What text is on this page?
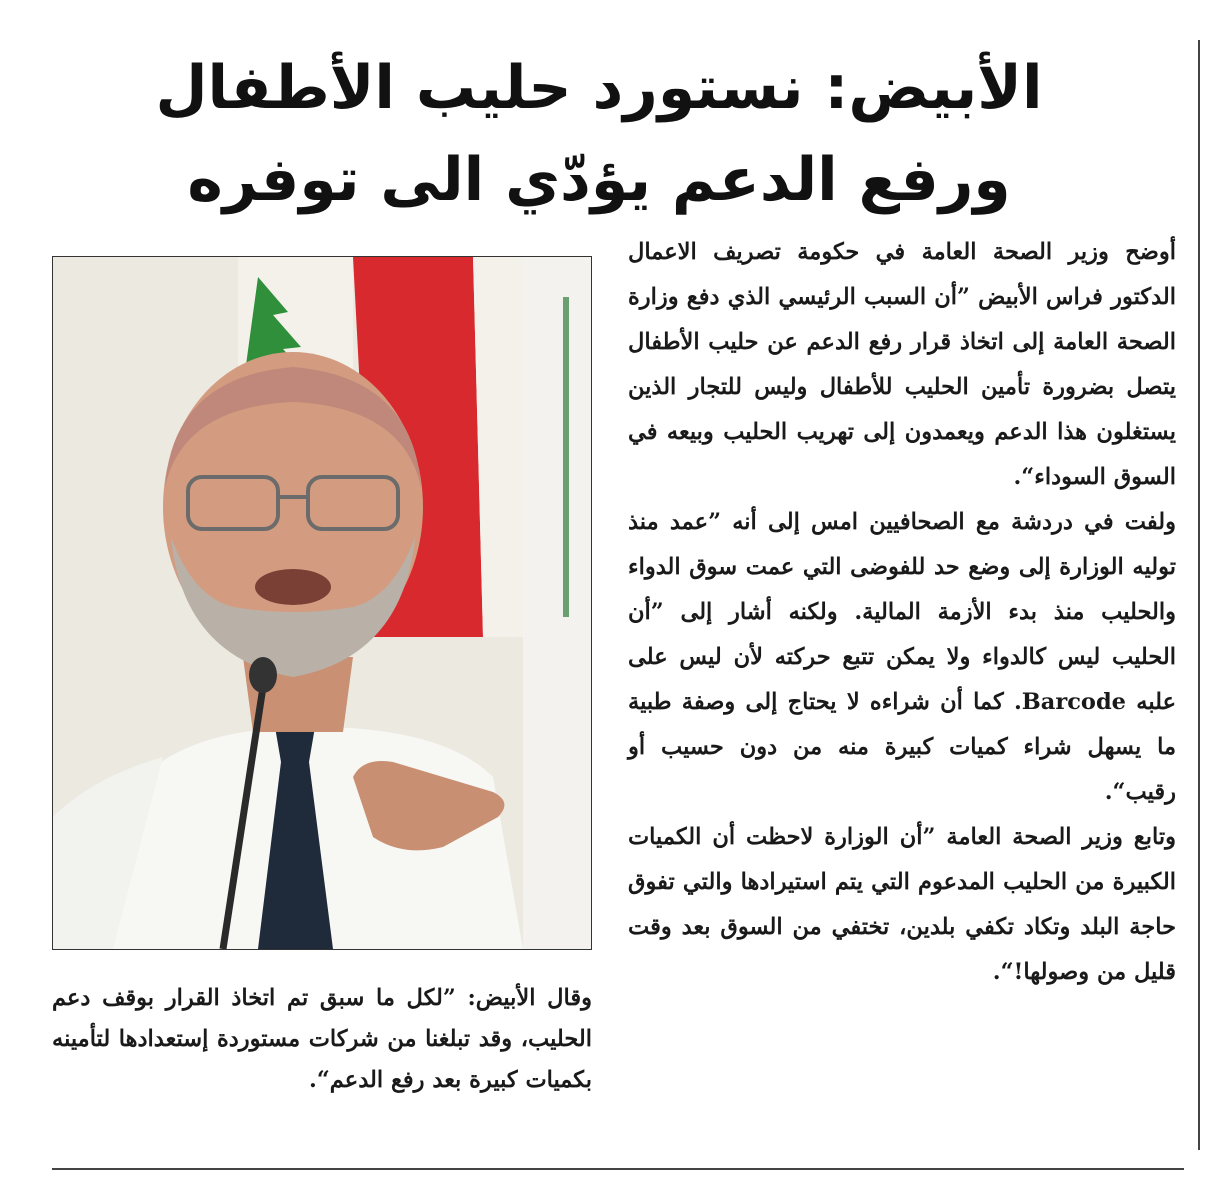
الأبيض: نستورد حليب الأطفال
ورفع الدعم يؤدّي الى توفره

أوضح وزير الصحة العامة في حكومة تصريف الاعمال الدكتور فراس الأبيض ”أن السبب الرئيسي الذي دفع وزارة الصحة العامة إلى اتخاذ قرار رفع الدعم عن حليب الأطفال يتصل بضرورة تأمين الحليب للأطفال وليس للتجار الذين يستغلون هذا الدعم ويعمدون إلى تهريب الحليب وبيعه في السوق السوداء“.

ولفت في دردشة مع الصحافيين امس إلى أنه ”عمد منذ توليه الوزارة إلى وضع حد للفوضى التي عمت سوق الدواء والحليب منذ بدء الأزمة المالية. ولكنه أشار إلى ”أن الحليب ليس كالدواء ولا يمكن تتبع حركته لأن ليس على علبه Barcode. كما أن شراءه لا يحتاج إلى وصفة طبية ما يسهل شراء كميات كبيرة منه من دون حسيب أو رقيب“.

وتابع وزير الصحة العامة ”أن الوزارة لاحظت أن الكميات الكبيرة من الحليب المدعوم التي يتم استيرادها والتي تفوق حاجة البلد وتكاد تكفي بلدين، تختفي من السوق بعد وقت قليل من وصولها!“.

وقال الأبيض: ”لكل ما سبق تم اتخاذ القرار بوقف دعم الحليب، وقد تبلغنا من شركات مستوردة إستعدادها لتأمينه بكميات كبيرة بعد رفع الدعم“.
